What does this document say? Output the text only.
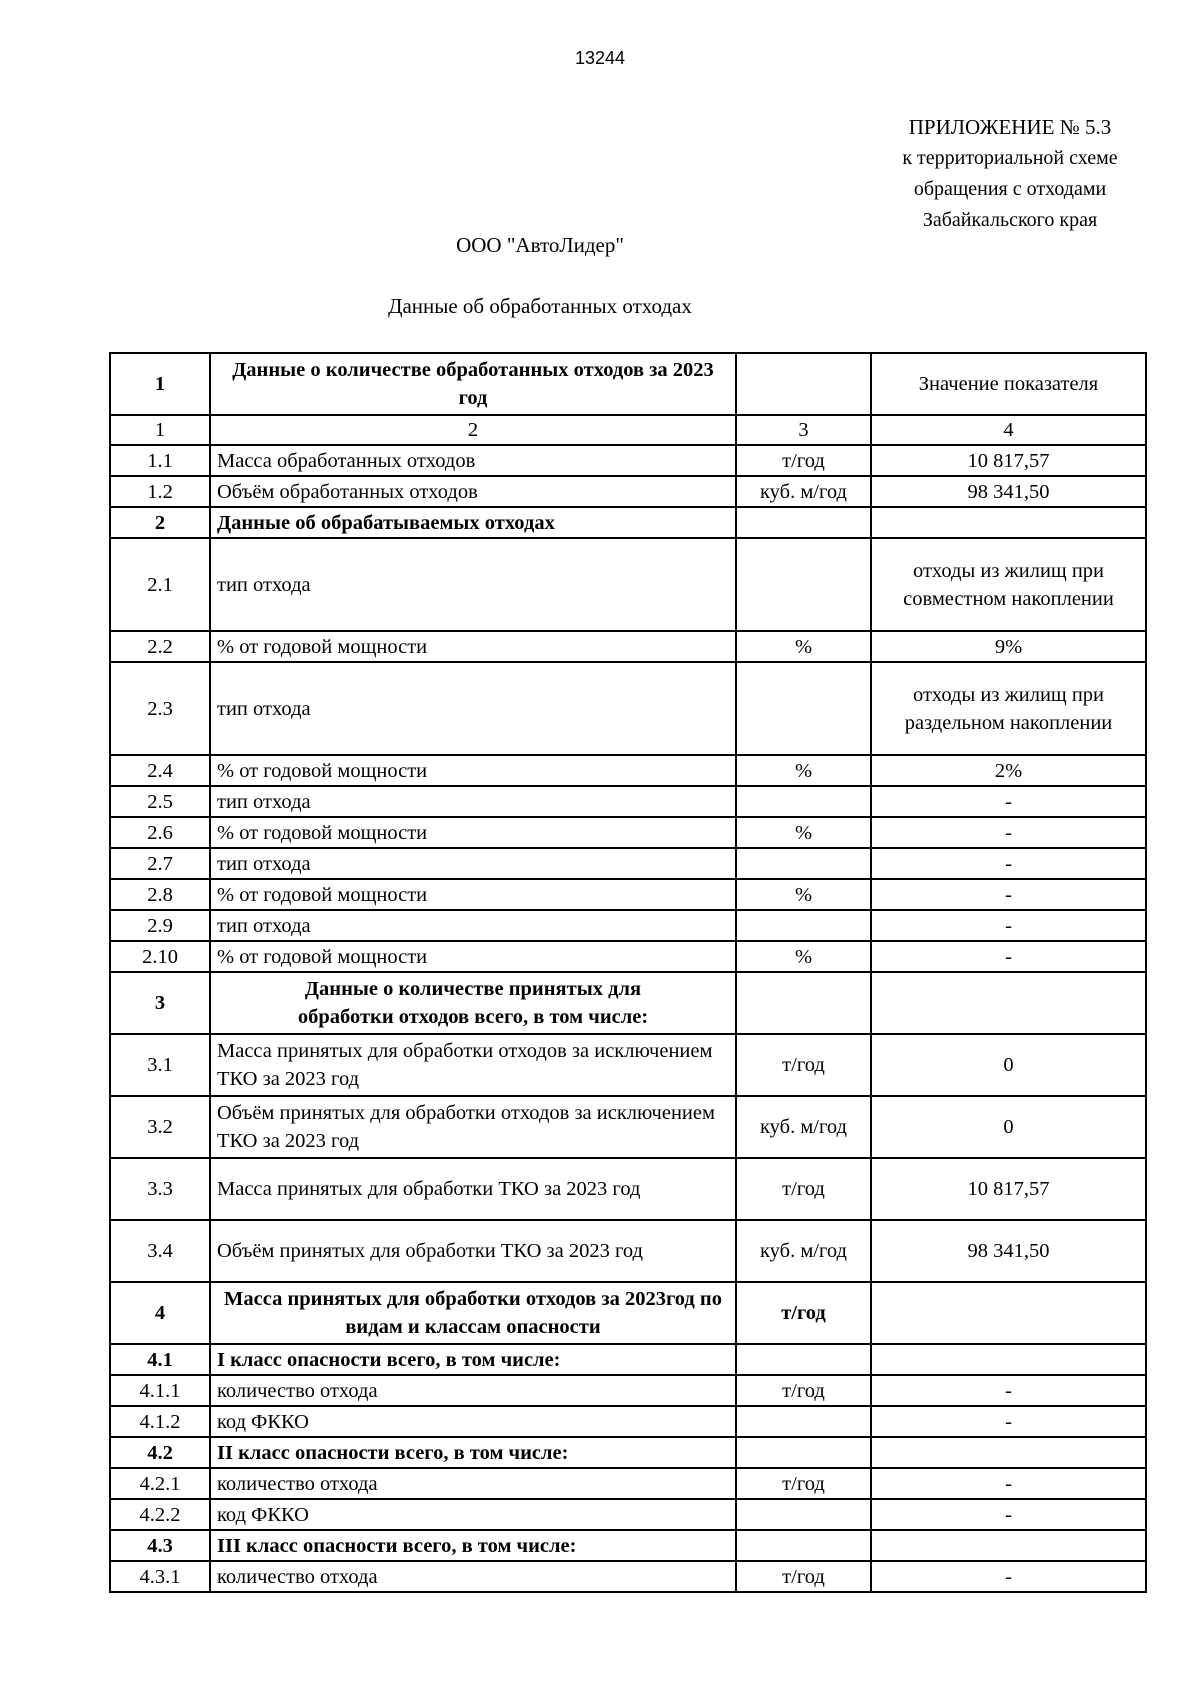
13244
ПРИЛОЖЕНИЕ № 5.3
к территориальной схеме
обращения с отходами
Забайкальского края
ООО "АвтоЛидер"
Данные об обработанных отходах
1	Данные о количестве обработанных отходов за 2023 год		Значение показателя
1	2	3	4
1.1	Масса обработанных отходов	т/год	10 817,57
1.2	Объём обработанных отходов	куб. м/год	98 341,50
2	Данные об обрабатываемых отходах		
2.1	тип отхода		отходы из жилищ при совместном накоплении
2.2	% от годовой мощности	%	9%
2.3	тип отхода		отходы из жилищ при раздельном накоплении
2.4	% от годовой мощности	%	2%
2.5	тип отхода		-
2.6	% от годовой мощности	%	-
2.7	тип отхода		-
2.8	% от годовой мощности	%	-
2.9	тип отхода		-
2.10	% от годовой мощности	%	-
3	Данные о количестве принятых для обработки отходов всего, в том числе:		
3.1	Масса принятых для обработки отходов за исключением ТКО за 2023 год	т/год	0
3.2	Объём принятых для обработки отходов за исключением ТКО за 2023 год	куб. м/год	0
3.3	Масса принятых для обработки ТКО за 2023 год	т/год	10 817,57
3.4	Объём принятых для обработки ТКО за 2023 год	куб. м/год	98 341,50
4	Масса принятых для обработки отходов за 2023год по видам и классам опасности	т/год	
4.1	I класс опасности всего, в том числе:		
4.1.1	количество отхода	т/год	-
4.1.2	код ФККО		-
4.2	II класс опасности всего, в том числе:		
4.2.1	количество отхода	т/год	-
4.2.2	код ФККО		-
4.3	III класс опасности всего, в том числе:		
4.3.1	количество отхода	т/год	-
